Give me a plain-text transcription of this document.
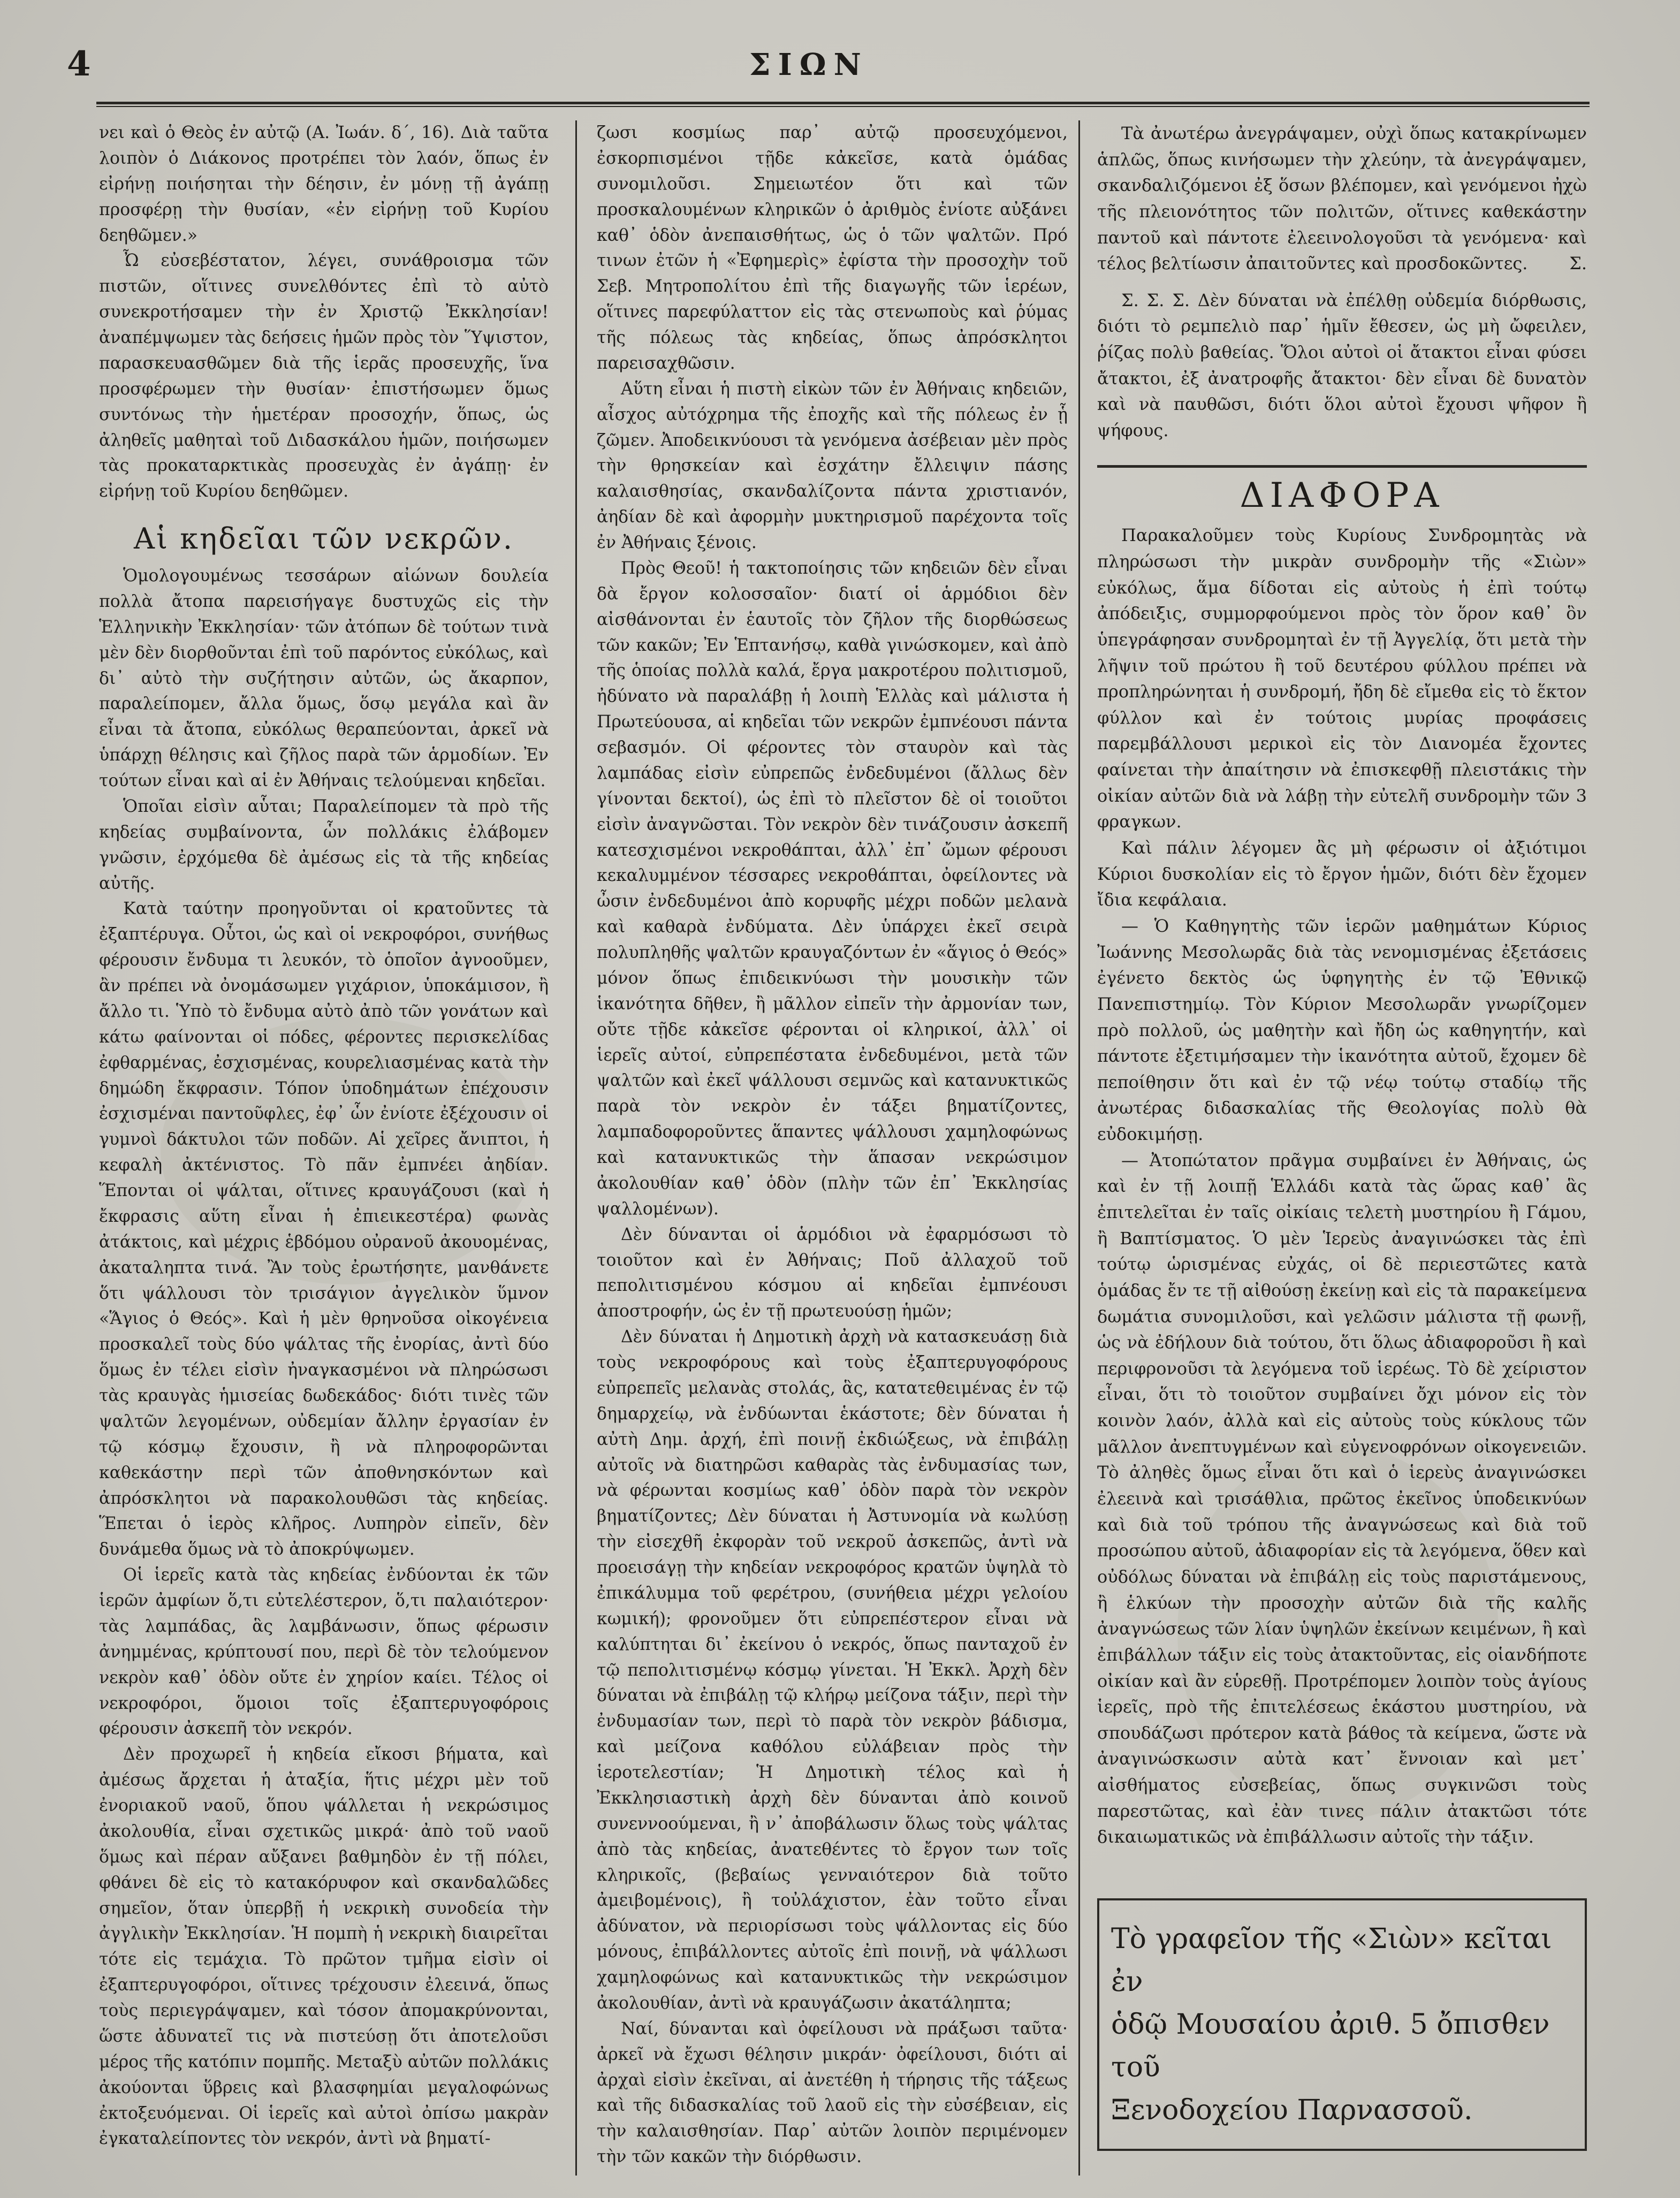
4	ΣΙΩΝ

νει καὶ ὁ Θεὸς ἐν αὐτῷ (Α. Ἰωάν. δ΄, 16). Διὰ ταῦτα λοιπὸν ὁ Διάκονος προτρέπει τὸν λαόν, ὅπως ἐν εἰρήνῃ ποιήσηται τὴν δέησιν, ἐν μόνῃ τῇ ἀγάπῃ προσφέρῃ τὴν θυσίαν, «ἐν εἰρήνῃ τοῦ Κυρίου δεηθῶμεν.»

Ὦ εὐσεβέστατον, λέγει, συνάθροισμα τῶν πιστῶν, οἵτινες συνελθόντες ἐπὶ τὸ αὐτὸ συνεκροτήσαμεν τὴν ἐν Χριστῷ Ἐκκλησίαν! ἀναπέμψωμεν τὰς δεήσεις ἡμῶν πρὸς τὸν Ὕψιστον, παρασκευασθῶμεν διὰ τῆς ἱερᾶς προσευχῆς, ἵνα προσφέρωμεν τὴν θυσίαν· ἐπιστήσωμεν ὅμως συντόνως τὴν ἡμετέραν προσοχήν, ὅπως, ὡς ἀληθεῖς μαθηταὶ τοῦ Διδασκάλου ἡμῶν, ποιήσωμεν τὰς προκαταρκτικὰς προσευχὰς ἐν ἀγάπῃ· ἐν εἰρήνῃ τοῦ Κυρίου δεηθῶμεν.

Αἱ κηδεῖαι τῶν νεκρῶν.

Ὁμολογουμένως τεσσάρων αἰώνων δουλεία πολλὰ ἄτοπα παρεισήγαγε δυστυχῶς εἰς τὴν Ἑλληνικὴν Ἐκκλησίαν· τῶν ἀτόπων δὲ τούτων τινὰ μὲν δὲν διορθοῦνται ἐπὶ τοῦ παρόντος εὐκόλως, καὶ δι᾽ αὐτὸ τὴν συζήτησιν αὐτῶν, ὡς ἄκαρπον, παραλείπομεν, ἄλλα ὅμως, ὅσῳ μεγάλα καὶ ἂν εἶναι τὰ ἄτοπα, εὐκόλως θεραπεύονται, ἀρκεῖ νὰ ὑπάρχῃ θέλησις καὶ ζῆλος παρὰ τῶν ἁρμοδίων. Ἐν τούτων εἶναι καὶ αἱ ἐν Ἀθήναις τελούμεναι κηδεῖαι.

Ὁποῖαι εἰσὶν αὗται; Παραλείπομεν τὰ πρὸ τῆς κηδείας συμβαίνοντα, ὧν πολλάκις ἐλάβομεν γνῶσιν, ἐρχόμεθα δὲ ἀμέσως εἰς τὰ τῆς κηδείας αὐτῆς.

Κατὰ ταύτην προηγοῦνται οἱ κρατοῦντες τὰ ἐξαπτέρυγα. Οὗτοι, ὡς καὶ οἱ νεκροφόροι, συνήθως φέρουσιν ἔνδυμα τι λευκόν, τὸ ὁποῖον ἀγνοοῦμεν, ἂν πρέπει νὰ ὀνομάσωμεν γιχάριον, ὑποκάμισον, ἢ ἄλλο τι. Ὑπὸ τὸ ἔνδυμα αὐτὸ ἀπὸ τῶν γονάτων καὶ κάτω φαίνονται οἱ πόδες, φέροντες περισκελίδας ἐφθαρμένας, ἐσχισμένας, κουρελιασμένας κατὰ τὴν δημώδη ἔκφρασιν. Τόπον ὑποδημάτων ἐπέχουσιν ἐσχισμέναι παντοῦφλες, ἐφ᾽ ὧν ἐνίοτε ἐξέχουσιν οἱ γυμνοὶ δάκτυλοι τῶν ποδῶν. Αἱ χεῖρες ἄνιπτοι, ἡ κεφαλὴ ἀκτένιστος. Τὸ πᾶν ἐμπνέει ἀηδίαν. Ἕπονται οἱ ψάλται, οἵτινες κραυγάζουσι (καὶ ἡ ἔκφρασις αὕτη εἶναι ἡ ἐπιεικεστέρα) φωνὰς ἀτάκτοις, καὶ μέχρις ἑβδόμου οὐρανοῦ ἀκουομένας, ἀκαταληπτα τινά. Ἂν τοὺς ἐρωτήσητε, μανθάνετε ὅτι ψάλλουσι τὸν τρισάγιον ἀγγελικὸν ὕμνον «Ἅγιος ὁ Θεός». Καὶ ἡ μὲν θρηνοῦσα οἰκογένεια προσκαλεῖ τοὺς δύο ψάλτας τῆς ἐνορίας, ἀντὶ δύο ὅμως ἐν τέλει εἰσὶν ἠναγκασμένοι νὰ πληρώσωσι τὰς κραυγὰς ἡμισείας δωδεκάδος· διότι τινὲς τῶν ψαλτῶν λεγομένων, οὐδεμίαν ἄλλην ἐργασίαν ἐν τῷ κόσμῳ ἔχουσιν, ἢ νὰ πληροφορῶνται καθεκάστην περὶ τῶν ἀποθνησκόντων καὶ ἀπρόσκλητοι νὰ παρακολουθῶσι τὰς κηδείας. Ἕπεται ὁ ἱερὸς κλῆρος. Λυπηρὸν εἰπεῖν, δὲν δυνάμεθα ὅμως νὰ τὸ ἀποκρύψωμεν.

Οἱ ἱερεῖς κατὰ τὰς κηδείας ἐνδύονται ἐκ τῶν ἱερῶν ἀμφίων ὅ,τι εὐτελέστερον, ὅ,τι παλαιότερον· τὰς λαμπάδας, ἃς λαμβάνωσιν, ὅπως φέρωσιν ἀνημμένας, κρύπτουσί που, περὶ δὲ τὸν τελούμενον νεκρὸν καθ᾽ ὁδὸν οὔτε ἐν χηρίον καίει. Τέλος οἱ νεκροφόροι, ὅμοιοι τοῖς ἐξαπτερυγοφόροις φέρουσιν ἀσκεπῆ τὸν νεκρόν.

Δὲν προχωρεῖ ἡ κηδεία εἴκοσι βήματα, καὶ ἀμέσως ἄρχεται ἡ ἀταξία, ἥτις μέχρι μὲν τοῦ ἐνοριακοῦ ναοῦ, ὅπου ψάλλεται ἡ νεκρώσιμος ἀκολουθία, εἶναι σχετικῶς μικρά· ἀπὸ τοῦ ναοῦ ὅμως καὶ πέραν αὔξανει βαθμηδὸν ἐν τῇ πόλει, φθάνει δὲ εἰς τὸ κατακόρυφον καὶ σκανδαλῶδες σημεῖον, ὅταν ὑπερβῇ ἡ νεκρικὴ συνοδεία τὴν ἀγγλικὴν Ἐκκλησίαν. Ἡ πομπὴ ἡ νεκρικὴ διαιρεῖται τότε εἰς τεμάχια. Τὸ πρῶτον τμῆμα εἰσὶν οἱ ἐξαπτερυγοφόροι, οἵτινες τρέχουσιν ἐλεεινά, ὅπως τοὺς περιεγράψαμεν, καὶ τόσον ἀπομακρύνονται, ὥστε ἀδυνατεῖ τις νὰ πιστεύσῃ ὅτι ἀποτελοῦσι μέρος τῆς κατόπιν πομπῆς. Μεταξὺ αὐτῶν πολλάκις ἀκούονται ὕβρεις καὶ βλασφημίαι μεγαλοφώνως ἐκτοξευόμεναι. Οἱ ἱερεῖς καὶ αὐτοὶ ὀπίσω μακρὰν ἐγκαταλείποντες τὸν νεκρόν, ἀντὶ νὰ βηματί-

ζωσι κοσμίως παρ᾽ αὐτῷ προσευχόμενοι, ἐσκορπισμένοι τῇδε κἀκεῖσε, κατὰ ὁμάδας συνομιλοῦσι. Σημειωτέον ὅτι καὶ τῶν προσκαλουμένων κληρικῶν ὁ ἀριθμὸς ἐνίοτε αὐξάνει καθ᾽ ὁδὸν ἀνεπαισθήτως, ὡς ὁ τῶν ψαλτῶν. Πρό τινων ἐτῶν ἡ «Ἐφημερὶς» ἐφίστα τὴν προσοχὴν τοῦ Σεβ. Μητροπολίτου ἐπὶ τῆς διαγωγῆς τῶν ἱερέων, οἵτινες παρεφύλαττον εἰς τὰς στενωποὺς καὶ ῥύμας τῆς πόλεως τὰς κηδείας, ὅπως ἀπρόσκλητοι παρεισαχθῶσιν.

Αὕτη εἶναι ἡ πιστὴ εἰκὼν τῶν ἐν Ἀθήναις κηδειῶν, αἶσχος αὐτόχρημα τῆς ἐποχῆς καὶ τῆς πόλεως ἐν ᾗ ζῶμεν. Ἀποδεικνύουσι τὰ γενόμενα ἀσέβειαν μὲν πρὸς τὴν θρησκείαν καὶ ἐσχάτην ἔλλειψιν πάσης καλαισθησίας, σκανδαλίζοντα πάντα χριστιανόν, ἀηδίαν δὲ καὶ ἀφορμὴν μυκτηρισμοῦ παρέχοντα τοῖς ἐν Ἀθήναις ξένοις.

Πρὸς Θεοῦ! ἡ τακτοποίησις τῶν κηδειῶν δὲν εἶναι δὰ ἔργον κολοσσαῖον· διατί οἱ ἁρμόδιοι δὲν αἰσθάνονται ἐν ἑαυτοῖς τὸν ζῆλον τῆς διορθώσεως τῶν κακῶν; Ἐν Ἑπτανήσῳ, καθὰ γινώσκομεν, καὶ ἀπὸ τῆς ὁποίας πολλὰ καλά, ἔργα μακροτέρου πολιτισμοῦ, ἠδύνατο νὰ παραλάβῃ ἡ λοιπὴ Ἑλλὰς καὶ μάλιστα ἡ Πρωτεύουσα, αἱ κηδεῖαι τῶν νεκρῶν ἐμπνέουσι πάντα σεβασμόν. Οἱ φέροντες τὸν σταυρὸν καὶ τὰς λαμπάδας εἰσὶν εὐπρεπῶς ἐνδεδυμένοι (ἄλλως δὲν γίνονται δεκτοί), ὡς ἐπὶ τὸ πλεῖστον δὲ οἱ τοιοῦτοι εἰσὶν ἀναγνῶσται. Τὸν νεκρὸν δὲν τινάζουσιν ἀσκεπῆ κατεσχισμένοι νεκροθάπται, ἀλλ᾽ ἐπ᾽ ὤμων φέρουσι κεκαλυμμένον τέσσαρες νεκροθάπται, ὀφείλοντες νὰ ὦσιν ἐνδεδυμένοι ἀπὸ κορυφῆς μέχρι ποδῶν μελανὰ καὶ καθαρὰ ἐνδύματα. Δὲν ὑπάρχει ἐκεῖ σειρὰ πολυπληθῆς ψαλτῶν κραυγαζόντων ἐν «ἅγιος ὁ Θεός» μόνον ὅπως ἐπιδεικνύωσι τὴν μουσικὴν τῶν ἱκανότητα δῆθεν, ἢ μᾶλλον εἰπεῖν τὴν ἀρμονίαν των, οὔτε τῇδε κἀκεῖσε φέρονται οἱ κληρικοί, ἀλλ᾽ οἱ ἱερεῖς αὐτοί, εὐπρεπέστατα ἐνδεδυμένοι, μετὰ τῶν ψαλτῶν καὶ ἐκεῖ ψάλλουσι σεμνῶς καὶ κατανυκτικῶς παρὰ τὸν νεκρὸν ἐν τάξει βηματίζοντες, λαμπαδοφοροῦντες ἅπαντες ψάλλουσι χαμηλοφώνως καὶ κατανυκτικῶς τὴν ἅπασαν νεκρώσιμον ἀκολουθίαν καθ᾽ ὁδὸν (πλὴν τῶν ἐπ᾽ Ἐκκλησίας ψαλλομένων).

Δὲν δύνανται οἱ ἁρμόδιοι νὰ ἐφαρμόσωσι τὸ τοιοῦτον καὶ ἐν Ἀθήναις; Ποῦ ἀλλαχοῦ τοῦ πεπολιτισμένου κόσμου αἱ κηδεῖαι ἐμπνέουσι ἀποστροφήν, ὡς ἐν τῇ πρωτευούσῃ ἡμῶν;

Δὲν δύναται ἡ Δημοτικὴ ἀρχὴ νὰ κατασκευάσῃ διὰ τοὺς νεκροφόρους καὶ τοὺς ἐξαπτερυγοφόρους εὐπρεπεῖς μελανὰς στολάς, ἃς, κατατεθειμένας ἐν τῷ δημαρχείῳ, νὰ ἐνδύωνται ἑκάστοτε; δὲν δύναται ἡ αὐτὴ Δημ. ἀρχή, ἐπὶ ποινῇ ἐκδιώξεως, νὰ ἐπιβάλῃ αὐτοῖς νὰ διατηρῶσι καθαρὰς τὰς ἐνδυμασίας των, νὰ φέρωνται κοσμίως καθ᾽ ὁδὸν παρὰ τὸν νεκρὸν βηματίζοντες; Δὲν δύναται ἡ Ἀστυνομία νὰ κωλύσῃ τὴν εἰσεχθῆ ἐκφορὰν τοῦ νεκροῦ ἀσκεπῶς, ἀντὶ νὰ προεισάγῃ τὴν κηδείαν νεκροφόρος κρατῶν ὑψηλὰ τὸ ἐπικάλυμμα τοῦ φερέτρου, (συνήθεια μέχρι γελοίου κωμική); φρονοῦμεν ὅτι εὐπρεπέστερον εἶναι νὰ καλύπτηται δι᾽ ἐκείνου ὁ νεκρός, ὅπως πανταχοῦ ἐν τῷ πεπολιτισμένῳ κόσμῳ γίνεται. Ἡ Ἐκκλ. Ἀρχὴ δὲν δύναται νὰ ἐπιβάλῃ τῷ κλήρῳ μείζονα τάξιν, περὶ τὴν ἐνδυμασίαν των, περὶ τὸ παρὰ τὸν νεκρὸν βάδισμα, καὶ μείζονα καθόλου εὐλάβειαν πρὸς τὴν ἱεροτελεστίαν; Ἡ Δημοτικὴ τέλος καὶ ἡ Ἐκκλησιαστικὴ ἀρχὴ δὲν δύνανται ἀπὸ κοινοῦ συνεννοούμεναι, ἢ ν᾽ ἀποβάλωσιν ὅλως τοὺς ψάλτας ἀπὸ τὰς κηδείας, ἀνατεθέντες τὸ ἔργον των τοῖς κληρικοῖς, (βεβαίως γενναιότερον διὰ τοῦτο ἀμειβομένοις), ἢ τοὐλάχιστον, ἐὰν τοῦτο εἶναι ἀδύνατον, νὰ περιορίσωσι τοὺς ψάλλοντας εἰς δύο μόνους, ἐπιβάλλοντες αὐτοῖς ἐπὶ ποινῇ, νὰ ψάλλωσι χαμηλοφώνως καὶ κατανυκτικῶς τὴν νεκρώσιμον ἀκολουθίαν, ἀντὶ νὰ κραυγάζωσιν ἀκατάληπτα;

Ναί, δύνανται καὶ ὀφείλουσι νὰ πράξωσι ταῦτα· ἀρκεῖ νὰ ἔχωσι θέλησιν μικράν· ὀφείλουσι, διότι αἱ ἀρχαὶ εἰσὶν ἐκεῖναι, αἱ ἀνετέθη ἡ τήρησις τῆς τάξεως καὶ τῆς διδασκαλίας τοῦ λαοῦ εἰς τὴν εὐσέβειαν, εἰς τὴν καλαισθησίαν. Παρ᾽ αὐτῶν λοιπὸν περιμένομεν τὴν τῶν κακῶν τὴν διόρθωσιν.

Τὰ ἀνωτέρω ἀνεγράψαμεν, οὐχὶ ὅπως κατακρίνωμεν ἁπλῶς, ὅπως κινήσωμεν τὴν χλεύην, τὰ ἀνεγράψαμεν, σκανδαλιζόμενοι ἐξ ὅσων βλέπομεν, καὶ γενόμενοι ἠχὼ τῆς πλειονότητος τῶν πολιτῶν, οἵτινες καθεκάστην παντοῦ καὶ πάντοτε ἐλεεινολογοῦσι τὰ γενόμενα· καὶ τέλος βελτίωσιν ἀπαιτοῦντες καὶ προσδοκῶντες.	Σ.

Σ. Σ. Σ. Δὲν δύναται νὰ ἐπέλθῃ οὐδεμία διόρθωσις, διότι τὸ ρεμπελιὸ παρ᾽ ἡμῖν ἔθεσεν, ὡς μὴ ὤφειλεν, ῥίζας πολὺ βαθείας. Ὅλοι αὐτοὶ οἱ ἄτακτοι εἶναι φύσει ἄτακτοι, ἐξ ἀνατροφῆς ἄτακτοι· δὲν εἶναι δὲ δυνατὸν καὶ νὰ παυθῶσι, διότι ὅλοι αὐτοὶ ἔχουσι ψῆφον ἢ ψήφους.

ΔΙΑΦΟΡΑ

Παρακαλοῦμεν τοὺς Κυρίους Συνδρομητὰς νὰ πληρώσωσι τὴν μικρὰν συνδρομὴν τῆς «Σιὼν» εὐκόλως, ἅμα δίδοται εἰς αὐτοὺς ἡ ἐπὶ τούτῳ ἀπόδειξις, συμμορφούμενοι πρὸς τὸν ὅρον καθ᾽ ὃν ὑπεγράφησαν συνδρομηταὶ ἐν τῇ Ἀγγελίᾳ, ὅτι μετὰ τὴν λῆψιν τοῦ πρώτου ἢ τοῦ δευτέρου φύλλου πρέπει νὰ προπληρώνηται ἡ συνδρομή, ἤδη δὲ εἴμεθα εἰς τὸ ἕκτον φύλλον καὶ ἐν τούτοις μυρίας προφάσεις παρεμβάλλουσι μερικοὶ εἰς τὸν Διανομέα ἔχοντες φαίνεται τὴν ἀπαίτησιν νὰ ἐπισκεφθῇ πλειστάκις τὴν οἰκίαν αὐτῶν διὰ νὰ λάβῃ τὴν εὐτελῆ συνδρομὴν τῶν 3 φραγκων.

Καὶ πάλιν λέγομεν ἂς μὴ φέρωσιν οἱ ἀξιότιμοι Κύριοι δυσκολίαν εἰς τὸ ἔργον ἡμῶν, διότι δὲν ἔχομεν ἴδια κεφάλαια.

— Ὁ Καθηγητὴς τῶν ἱερῶν μαθημάτων Κύριος Ἰωάννης Μεσολωρᾶς διὰ τὰς νενομισμένας ἐξετάσεις ἐγένετο δεκτὸς ὡς ὑφηγητὴς ἐν τῷ Ἐθνικῷ Πανεπιστημίῳ. Τὸν Κύριον Μεσολωρᾶν γνωρίζομεν πρὸ πολλοῦ, ὡς μαθητὴν καὶ ἤδη ὡς καθηγητήν, καὶ πάντοτε ἐξετιμήσαμεν τὴν ἱκανότητα αὐτοῦ, ἔχομεν δὲ πεποίθησιν ὅτι καὶ ἐν τῷ νέῳ τούτῳ σταδίῳ τῆς ἀνωτέρας διδασκαλίας τῆς Θεολογίας πολὺ θὰ εὐδοκιμήσῃ.

— Ἀτοπώτατον πρᾶγμα συμβαίνει ἐν Ἀθήναις, ὡς καὶ ἐν τῇ λοιπῇ Ἑλλάδι κατὰ τὰς ὥρας καθ᾽ ἃς ἐπιτελεῖται ἐν ταῖς οἰκίαις τελετὴ μυστηρίου ἢ Γάμου, ἢ Βαπτίσματος. Ὁ μὲν Ἱερεὺς ἀναγινώσκει τὰς ἐπὶ τούτῳ ὡρισμένας εὐχάς, οἱ δὲ περιεστῶτες κατὰ ὁμάδας ἔν τε τῇ αἰθούσῃ ἐκείνῃ καὶ εἰς τὰ παρακείμενα δωμάτια συνομιλοῦσι, καὶ γελῶσιν μάλιστα τῇ φωνῇ, ὡς νὰ ἐδήλουν διὰ τούτου, ὅτι ὅλως ἀδιαφοροῦσι ἢ καὶ περιφρονοῦσι τὰ λεγόμενα τοῦ ἱερέως. Τὸ δὲ χείριστον εἶναι, ὅτι τὸ τοιοῦτον συμβαίνει ὄχι μόνον εἰς τὸν κοινὸν λαόν, ἀλλὰ καὶ εἰς αὐτοὺς τοὺς κύκλους τῶν μᾶλλον ἀνεπτυγμένων καὶ εὐγενοφρόνων οἰκογενειῶν. Τὸ ἀληθὲς ὅμως εἶναι ὅτι καὶ ὁ ἱερεὺς ἀναγινώσκει ἐλεεινὰ καὶ τρισάθλια, πρῶτος ἐκεῖνος ὑποδεικνύων καὶ διὰ τοῦ τρόπου τῆς ἀναγνώσεως καὶ διὰ τοῦ προσώπου αὐτοῦ, ἀδιαφορίαν εἰς τὰ λεγόμενα, ὅθεν καὶ οὐδόλως δύναται νὰ ἐπιβάλῃ εἰς τοὺς παριστάμενους, ἢ ἑλκύων τὴν προσοχὴν αὐτῶν διὰ τῆς καλῆς ἀναγνώσεως τῶν λίαν ὑψηλῶν ἐκείνων κειμένων, ἢ καὶ ἐπιβάλλων τάξιν εἰς τοὺς ἀτακτοῦντας, εἰς οἱανδήποτε οἰκίαν καὶ ἂν εὑρεθῇ. Προτρέπομεν λοιπὸν τοὺς ἁγίους ἱερεῖς, πρὸ τῆς ἐπιτελέσεως ἑκάστου μυστηρίου, νὰ σπουδάζωσι πρότερον κατὰ βάθος τὰ κείμενα, ὥστε νὰ ἀναγινώσκωσιν αὐτὰ κατ᾽ ἔννοιαν καὶ μετ᾽ αἰσθήματος εὐσεβείας, ὅπως συγκινῶσι τοὺς παρεστῶτας, καὶ ἐὰν τινες πάλιν ἀτακτῶσι τότε δικαιωματικῶς νὰ ἐπιβάλλωσιν αὐτοῖς τὴν τάξιν.

Τὸ γραφεῖον τῆς «Σιὼν» κεῖται ἐν
ὁδῷ Μουσαίου ἀριθ. 5 ὄπισθεν τοῦ
Ξενοδοχείου Παρνασσοῦ.
